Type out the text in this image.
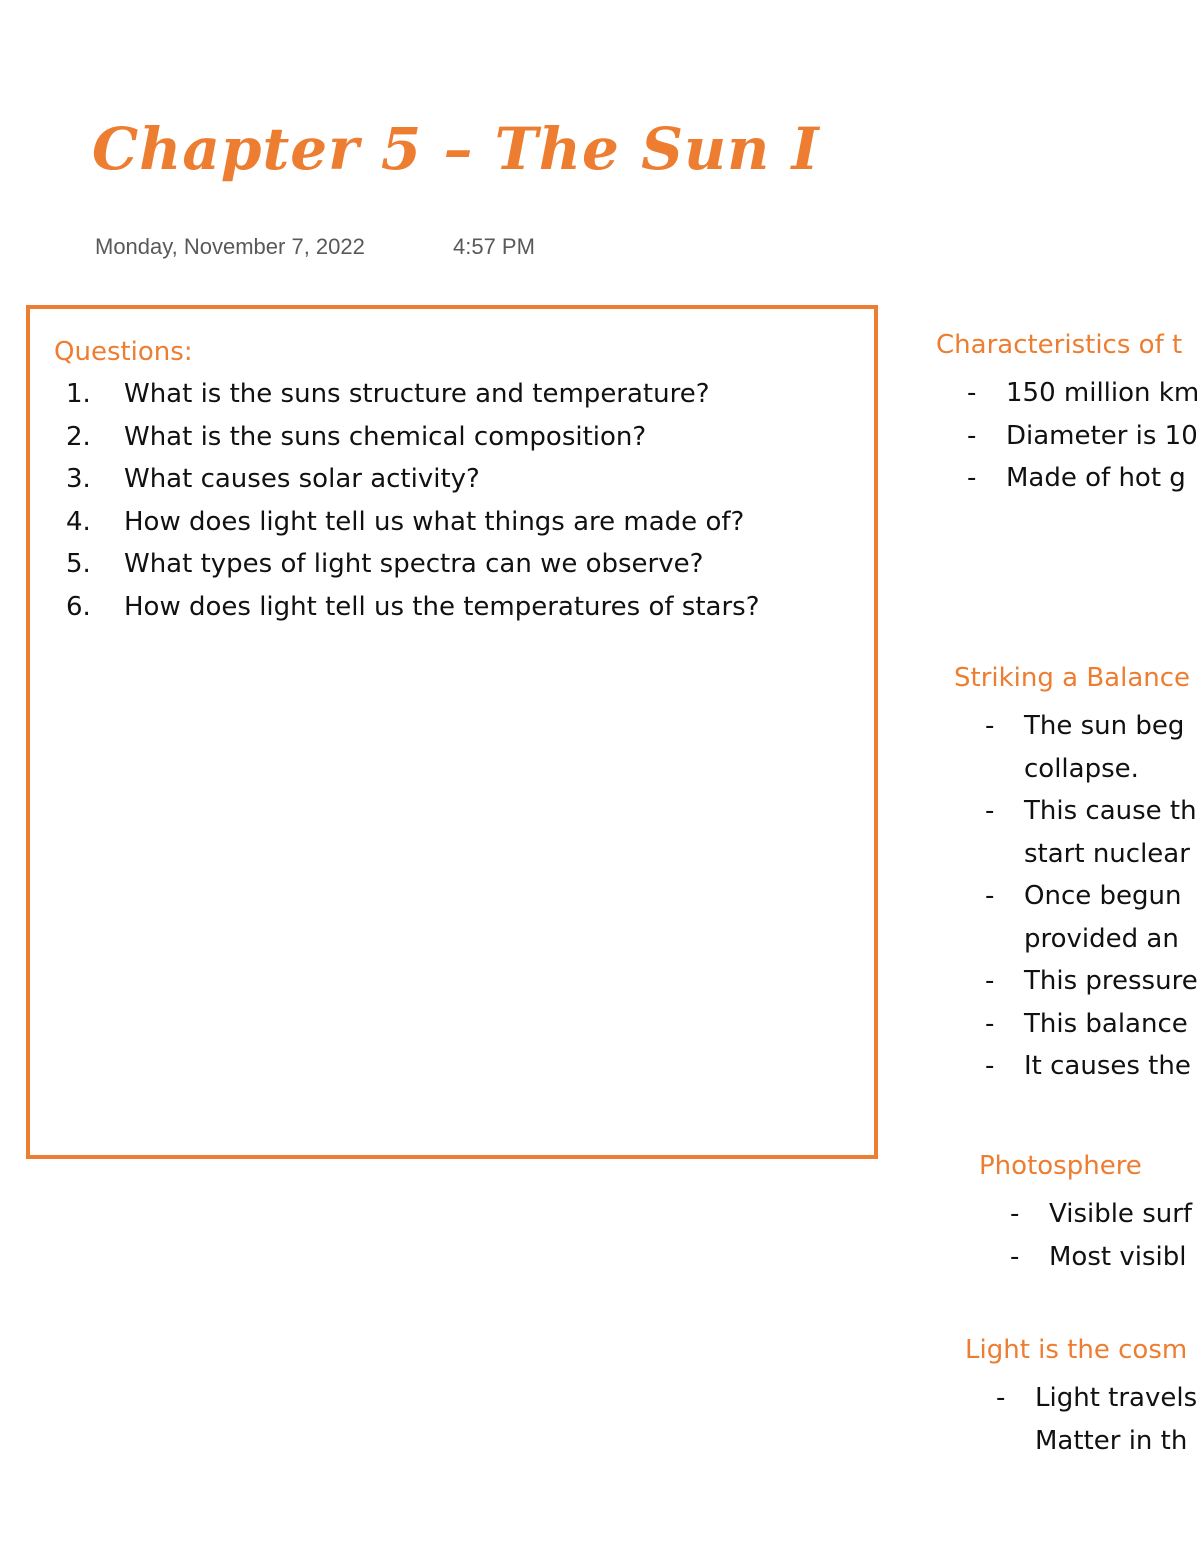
Chapter 5 – The Sun I
Monday, November 7, 2022	4:57 PM
Questions:
1. What is the suns structure and temperature?
2. What is the suns chemical composition?
3. What causes solar activity?
4. How does light tell us what things are made of?
5. What types of light spectra can we observe?
6. How does light tell us the temperatures of stars?
Characteristics of t
- 150 million km
- Diameter is 10
- Made of hot g
Striking a Balance
- The sun beg
collapse.
- This cause th
start nuclear
- Once begun
provided an
- This pressure
- This balance
- It causes the
Photosphere
- Visible surf
- Most visibl
Light is the cosm
- Light travels
Matter in th
